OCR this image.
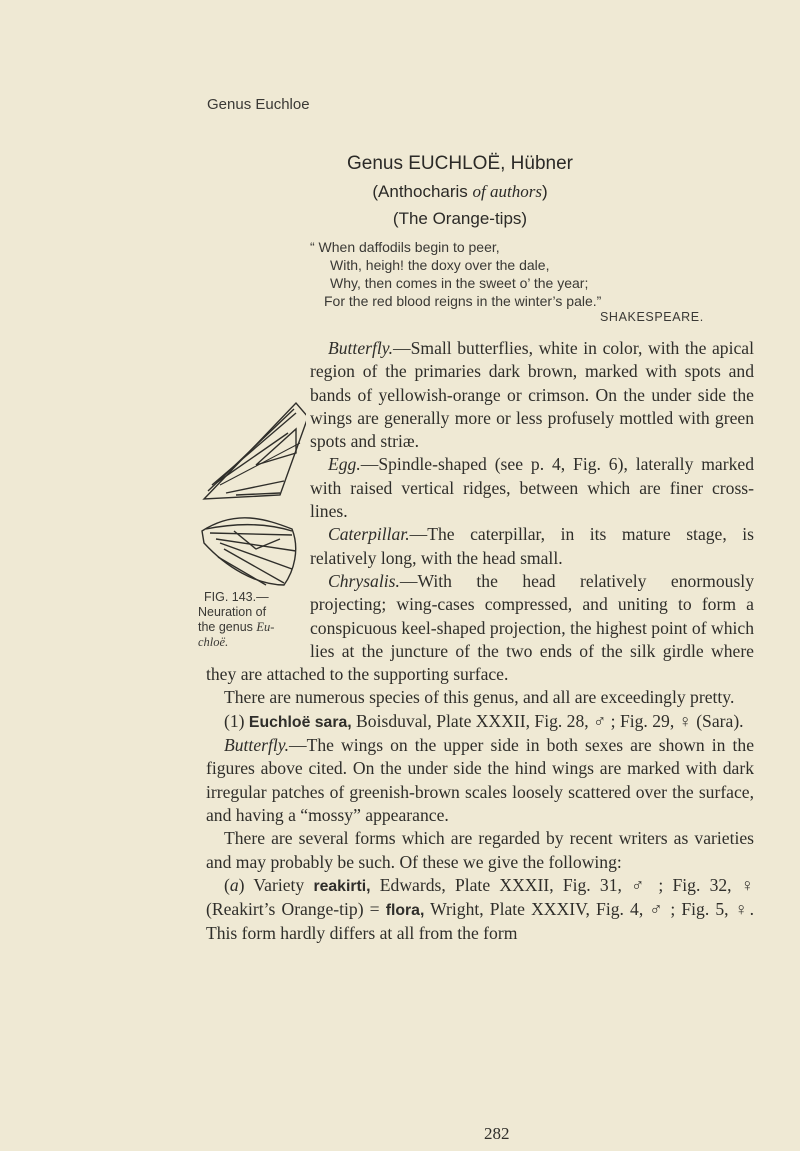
Genus Euchloe
Genus EUCHLOË, Hübner
(Anthocharis of authors)
(The Orange-tips)
“ When daffodils begin to peer,
With, heigh! the doxy over the dale,
Why, then comes in the sweet o’ the year;
For the red blood reigns in the winter’s pale.”
SHAKESPEARE.
FIG. 143.—
Neuration of
the genus Eu-
chloë.

Butterfly.—Small butterflies, white in color, with the apical region of the primaries dark brown, marked with spots and bands of yellowish-orange or crimson. On the under side the wings are generally more or less profusely mottled with green spots and striæ.

Egg.—Spindle-shaped (see p. 4, Fig. 6), laterally marked with raised vertical ridges, between which are finer cross-lines.

Caterpillar.—The caterpillar, in its mature stage, is relatively long, with the head small.

Chrysalis.—With the head relatively enormously projecting; wing-cases compressed, and uniting to form a conspicuous keel-shaped projection, the highest point of which lies at the juncture of the two ends of the silk girdle where they are attached to the supporting surface.

There are numerous species of this genus, and all are exceedingly pretty.

(1) Euchloë sara, Boisduval, Plate XXXII, Fig. 28, ♂ ; Fig. 29, ♀ (Sara).

Butterfly.—The wings on the upper side in both sexes are shown in the figures above cited. On the under side the hind wings are marked with dark irregular patches of greenish-brown scales loosely scattered over the surface, and having a “mossy” appearance.

There are several forms which are regarded by recent writers as varieties and may probably be such. Of these we give the following:

(a) Variety reakirti, Edwards, Plate XXXII, Fig. 31, ♂ ; Fig. 32, ♀ (Reakirt’s Orange-tip) = flora, Wright, Plate XXXIV, Fig. 4, ♂ ; Fig. 5, ♀. This form hardly differs at all from the form

282
